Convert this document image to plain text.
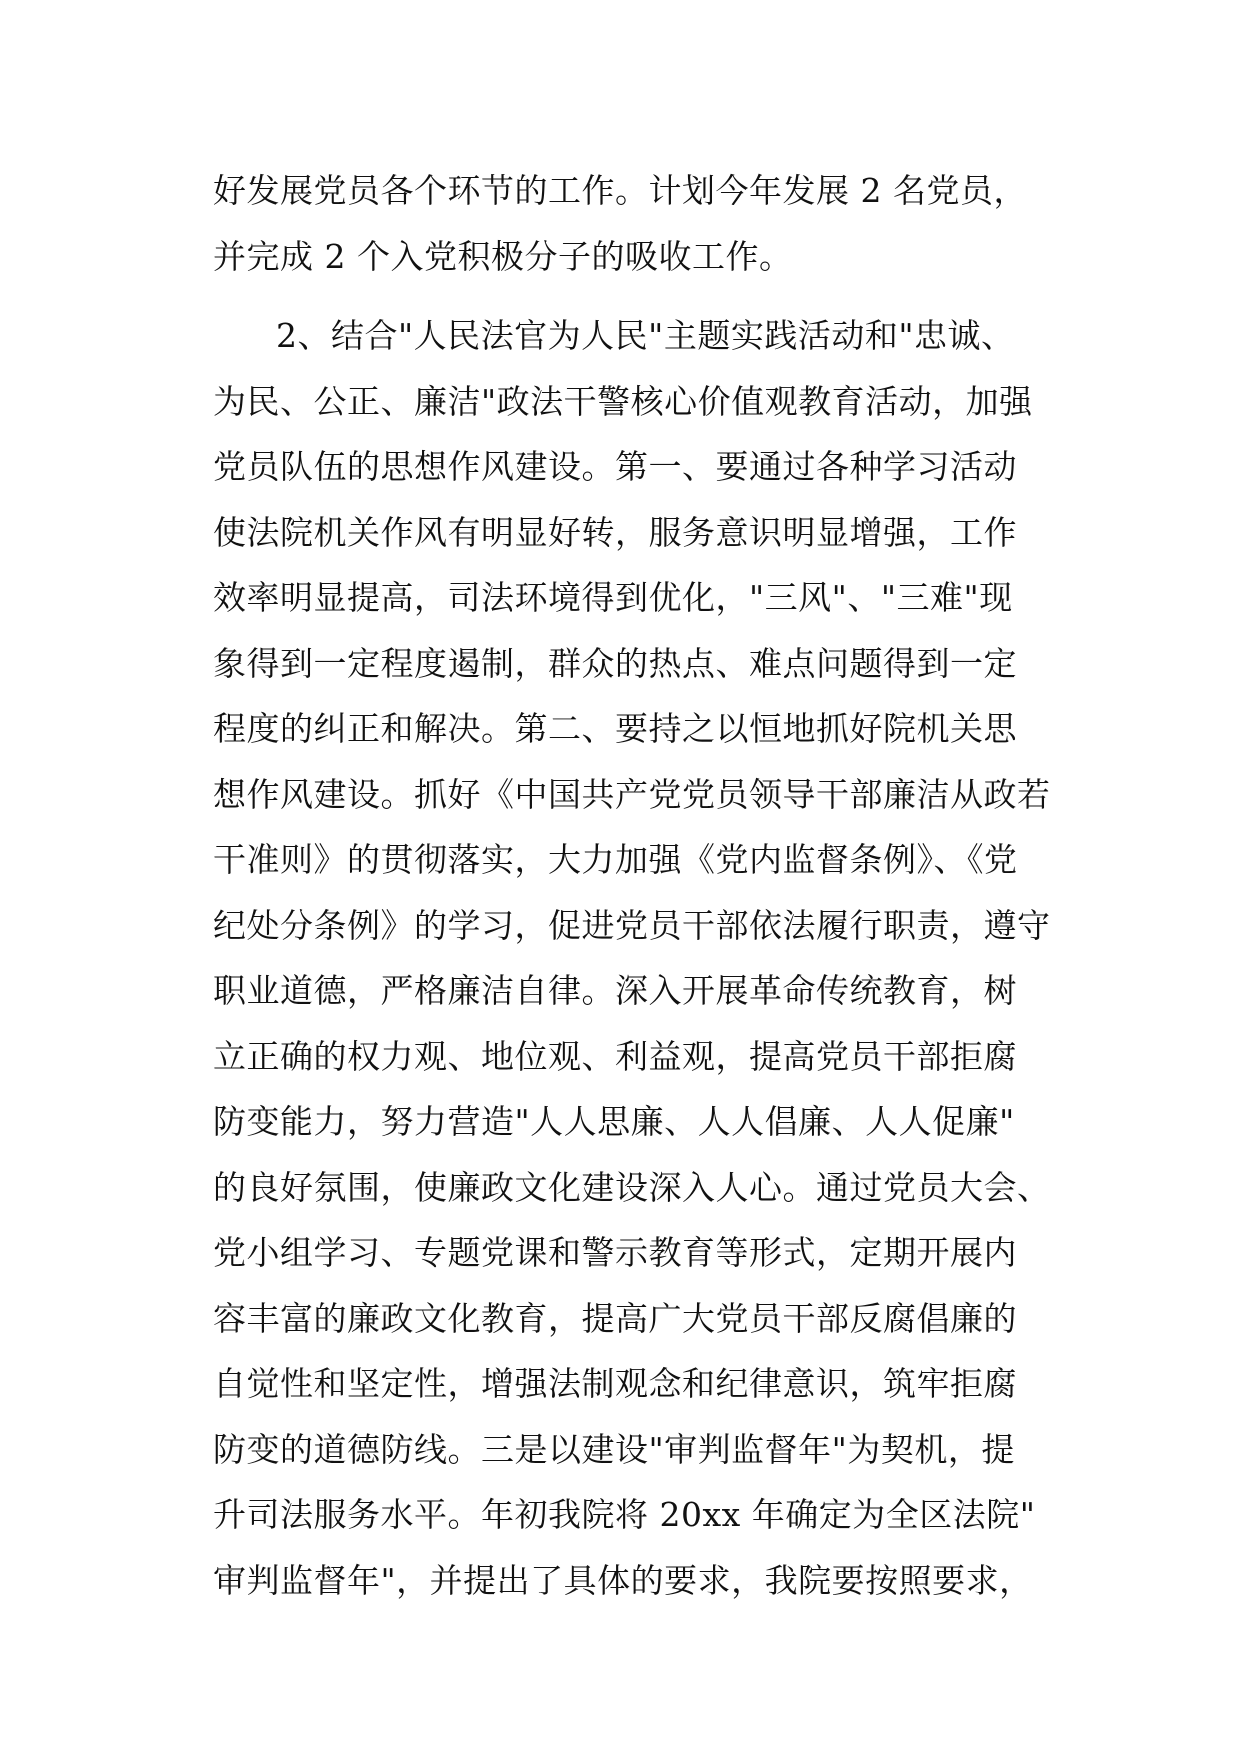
好发展党员各个环节的工作。计划今年发展 2 名党员，
并完成 2 个入党积极分子的吸收工作。
2、结合"人民法官为人民"主题实践活动和"忠诚、
为民、公正、廉洁"政法干警核心价值观教育活动，加强
党员队伍的思想作风建设。第一、要通过各种学习活动
使法院机关作风有明显好转，服务意识明显增强，工作
效率明显提高，司法环境得到优化，"三风"、"三难"现
象得到一定程度遏制，群众的热点、难点问题得到一定
程度的纠正和解决。第二、要持之以恒地抓好院机关思
想作风建设。抓好《中国共产党党员领导干部廉洁从政若
干准则》的贯彻落实，大力加强《党内监督条例》、《党
纪处分条例》的学习，促进党员干部依法履行职责，遵守
职业道德，严格廉洁自律。深入开展革命传统教育，树
立正确的权力观、地位观、利益观，提高党员干部拒腐
防变能力，努力营造"人人思廉、人人倡廉、人人促廉"
的良好氛围，使廉政文化建设深入人心。通过党员大会、
党小组学习、专题党课和警示教育等形式，定期开展内
容丰富的廉政文化教育，提高广大党员干部反腐倡廉的
自觉性和坚定性，增强法制观念和纪律意识，筑牢拒腐
防变的道德防线。三是以建设"审判监督年"为契机，提
升司法服务水平。年初我院将 20xx 年确定为全区法院"
审判监督年"，并提出了具体的要求，我院要按照要求，
